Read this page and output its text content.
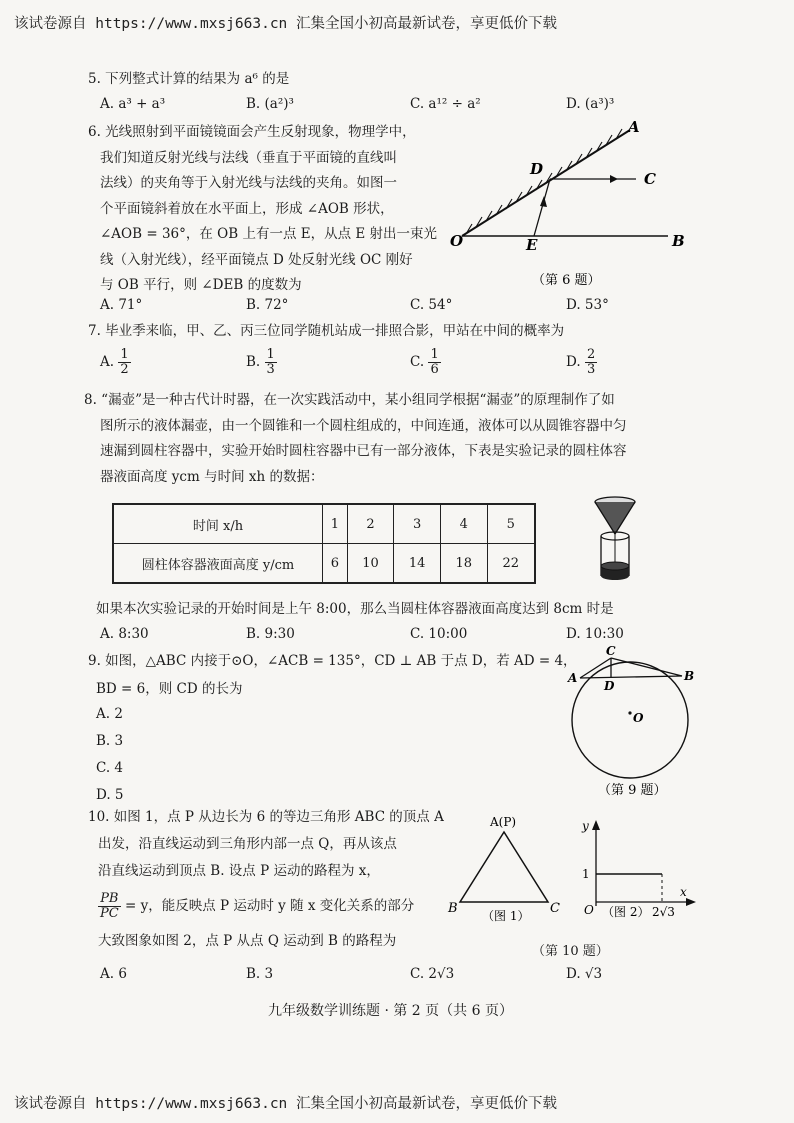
该试卷源自 https://www.mxsj663.cn 汇集全国小初高最新试卷，享更低价下载
5. 下列整式计算的结果为 a⁶ 的是
A. a³ + a³	B. (a²)³	C. a¹² ÷ a²	D. (a³)³
6. 光线照射到平面镜镜面会产生反射现象，物理学中，
我们知道反射光线与法线（垂直于平面镜的直线叫
法线）的夹角等于入射光线与法线的夹角。如图一
个平面镜斜着放在水平面上，形成 ∠AOB 形状，
∠AOB = 36°，在 OB 上有一点 E，从点 E 射出一束光
线（入射光线），经平面镜点 D 处反射光线 OC 刚好
与 OB 平行，则 ∠DEB 的度数为
A
D
C
O	E	B
（第 6 题）
A. 71°	B. 72°	C. 54°	D. 53°
7. 毕业季来临，甲、乙、丙三位同学随机站成一排照合影，甲站在中间的概率为
A. $\frac{1}{2}$	B. $\frac{1}{3}$	C. $\frac{1}{6}$	D. $\frac{2}{3}$
8. “漏壶”是一种古代计时器，在一次实践活动中，某小组同学根据“漏壶”的原理制作了如
图所示的液体漏壶，由一个圆锥和一个圆柱组成的，中间连通，液体可以从圆锥容器中匀
速漏到圆柱容器中，实验开始时圆柱容器中已有一部分液体，下表是实验记录的圆柱体容
器液面高度 ycm 与时间 xh 的数据：
时间 x/h	1	2	3	4	5
圆柱体容器液面高度 y/cm	6	10	14	18	22
如果本次实验记录的开始时间是上午 8:00，那么当圆柱体容器液面高度达到 8cm 时是
A. 8:30	B. 9:30	C. 10:00	D. 10:30
9. 如图，△ABC 内接于⊙O，∠ACB = 135°，CD ⊥ AB 于点 D，若 AD = 4，
BD = 6，则 CD 的长为
A. 2
B. 3
C. 4
D. 5
C
A	B
D
O
（第 9 题）
10. 如图 1，点 P 从边长为 6 的等边三角形 ABC 的顶点 A
出发，沿直线运动到三角形内部一点 Q，再从该点
沿直线运动到顶点 B. 设点 P 运动的路程为 x，
$\frac{PB}{PC} = y$，能反映点 P 运动时 y 随 x 变化关系的部分
大致图象如图 2，点 P 从点 Q 运动到 B 的路程为
A. 6	B. 3	C. 2√3	D. √3
A(P)
B	C
（图 1）
y
x
1
O （图 2） 2√3
（第 10 题）
九年级数学训练题 · 第 2 页（共 6 页）
该试卷源自 https://www.mxsj663.cn 汇集全国小初高最新试卷，享更低价下载
